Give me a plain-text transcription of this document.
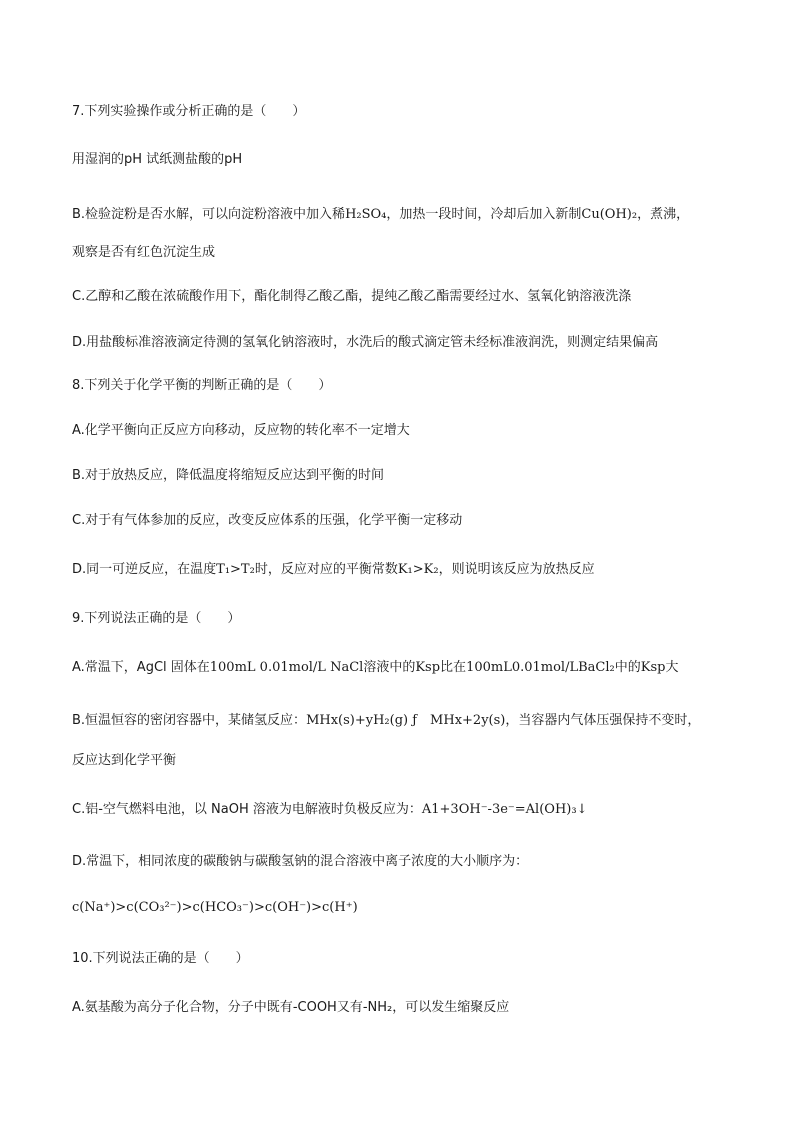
7.下列实验操作或分析正确的是（　　）
用湿润的pH 试纸测盐酸的pH
B.检验淀粉是否水解，可以向淀粉溶液中加入稀H₂SO₄，加热一段时间，冷却后加入新制Cu(OH)₂，煮沸，
观察是否有红色沉淀生成
C.乙醇和乙酸在浓硫酸作用下，酯化制得乙酸乙酯，提纯乙酸乙酯需要经过水、氢氧化钠溶液洗涤
D.用盐酸标准溶液滴定待测的氢氧化钠溶液时，水洗后的酸式滴定管未经标准液润洗，则测定结果偏高
8.下列关于化学平衡的判断正确的是（　　）
A.化学平衡向正反应方向移动，反应物的转化率不一定增大
B.对于放热反应，降低温度将缩短反应达到平衡的时间
C.对于有气体参加的反应，改变反应体系的压强，化学平衡一定移动
D.同一可逆反应，在温度T₁>T₂时，反应对应的平衡常数K₁>K₂，则说明该反应为放热反应
9.下列说法正确的是（　　）
A.常温下，AgCl 固体在100mL 0.01mol/L NaCl溶液中的Ksp比在100mL0.01mol/LBaCl₂中的Ksp大
B.恒温恒容的密闭容器中，某储氢反应：MHx(s)+yH₂(g) ƒ　MHx+2y(s)，当容器内气体压强保持不变时，
反应达到化学平衡
C.铝-空气燃料电池，以 NaOH 溶液为电解液时负极反应为：A1+3OH⁻-3e⁻=Al(OH)₃↓
D.常温下，相同浓度的碳酸钠与碳酸氢钠的混合溶液中离子浓度的大小顺序为：
c(Na⁺)>c(CO₃²⁻)>c(HCO₃⁻)>c(OH⁻)>c(H⁺)
10.下列说法正确的是（　　）
A.氨基酸为高分子化合物，分子中既有-COOH又有-NH₂，可以发生缩聚反应
